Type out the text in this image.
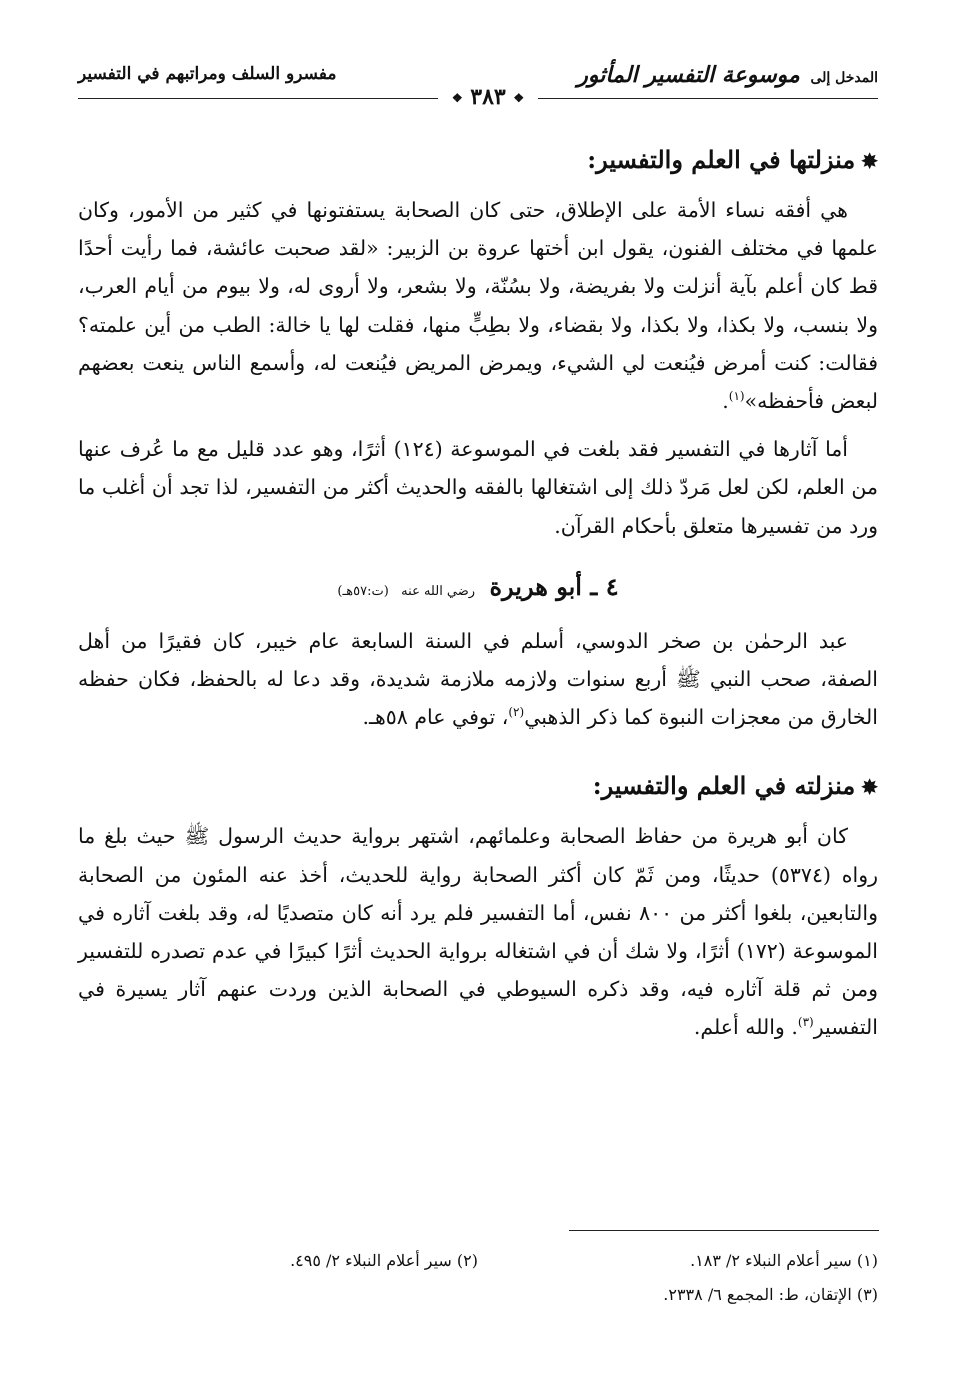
المدخل إلى موسوعة التفسير المأثور
❖ ٣٨٣ ❖
مفسرو السلف ومراتبهم في التفسير
✸منزلتها في العلم والتفسير:

هي أفقه نساء الأمة على الإطلاق، حتى كان الصحابة يستفتونها في كثير من الأمور، وكان علمها في مختلف الفنون، يقول ابن أختها عروة بن الزبير: «لقد صحبت عائشة، فما رأيت أحدًا قط كان أعلم بآية أنزلت ولا بفريضة، ولا بسُنّة، ولا بشعر، ولا أروى له، ولا بيوم من أيام العرب، ولا بنسب، ولا بكذا، ولا بكذا، ولا بقضاء، ولا بطِبٍّ منها، فقلت لها يا خالة: الطب من أين علمته؟ فقالت: كنت أمرض فيُنعت لي الشيء، ويمرض المريض فيُنعت له، وأسمع الناس ينعت بعضهم لبعض فأحفظه»$^{(١)}$.

أما آثارها في التفسير فقد بلغت في الموسوعة (١٢٤) أثرًا، وهو عدد قليل مع ما عُرف عنها من العلم، لكن لعل مَردّ ذلك إلى اشتغالها بالفقه والحديث أكثر من التفسير، لذا تجد أن أغلب ما ورد من تفسيرها متعلق بأحكام القرآن.

٤ ـ أبو هريرة رضي الله عنه (ت:٥٧هـ)

عبد الرحمٰن بن صخر الدوسي، أسلم في السنة السابعة عام خيبر، كان فقيرًا من أهل الصفة، صحب النبي ﷺ أربع سنوات ولازمه ملازمة شديدة، وقد دعا له بالحفظ، فكان حفظه الخارق من معجزات النبوة كما ذكر الذهبي$^{(٢)}$، توفي عام ٥٨هـ.

✸منزلته في العلم والتفسير:

كان أبو هريرة من حفاظ الصحابة وعلمائهم، اشتهر برواية حديث الرسول ﷺ حيث بلغ ما رواه (٥٣٧٤) حديثًا، ومن ثَمّ كان أكثر الصحابة رواية للحديث، أخذ عنه المئون من الصحابة والتابعين، بلغوا أكثر من ٨٠٠ نفس، أما التفسير فلم يرد أنه كان متصديًا له، وقد بلغت آثاره في الموسوعة (١٧٢) أثرًا، ولا شك أن في اشتغاله برواية الحديث أثرًا كبيرًا في عدم تصدره للتفسير ومن ثم قلة آثاره فيه، وقد ذكره السيوطي في الصحابة الذين وردت عنهم آثار يسيرة في التفسير$^{(٣)}$. والله أعلم.

(١) سير أعلام النبلاء ٢/ ١٨٣.
(٢) سير أعلام النبلاء ٢/ ٤٩٥.
(٣) الإتقان، ط: المجمع ٦/ ٢٣٣٨.
